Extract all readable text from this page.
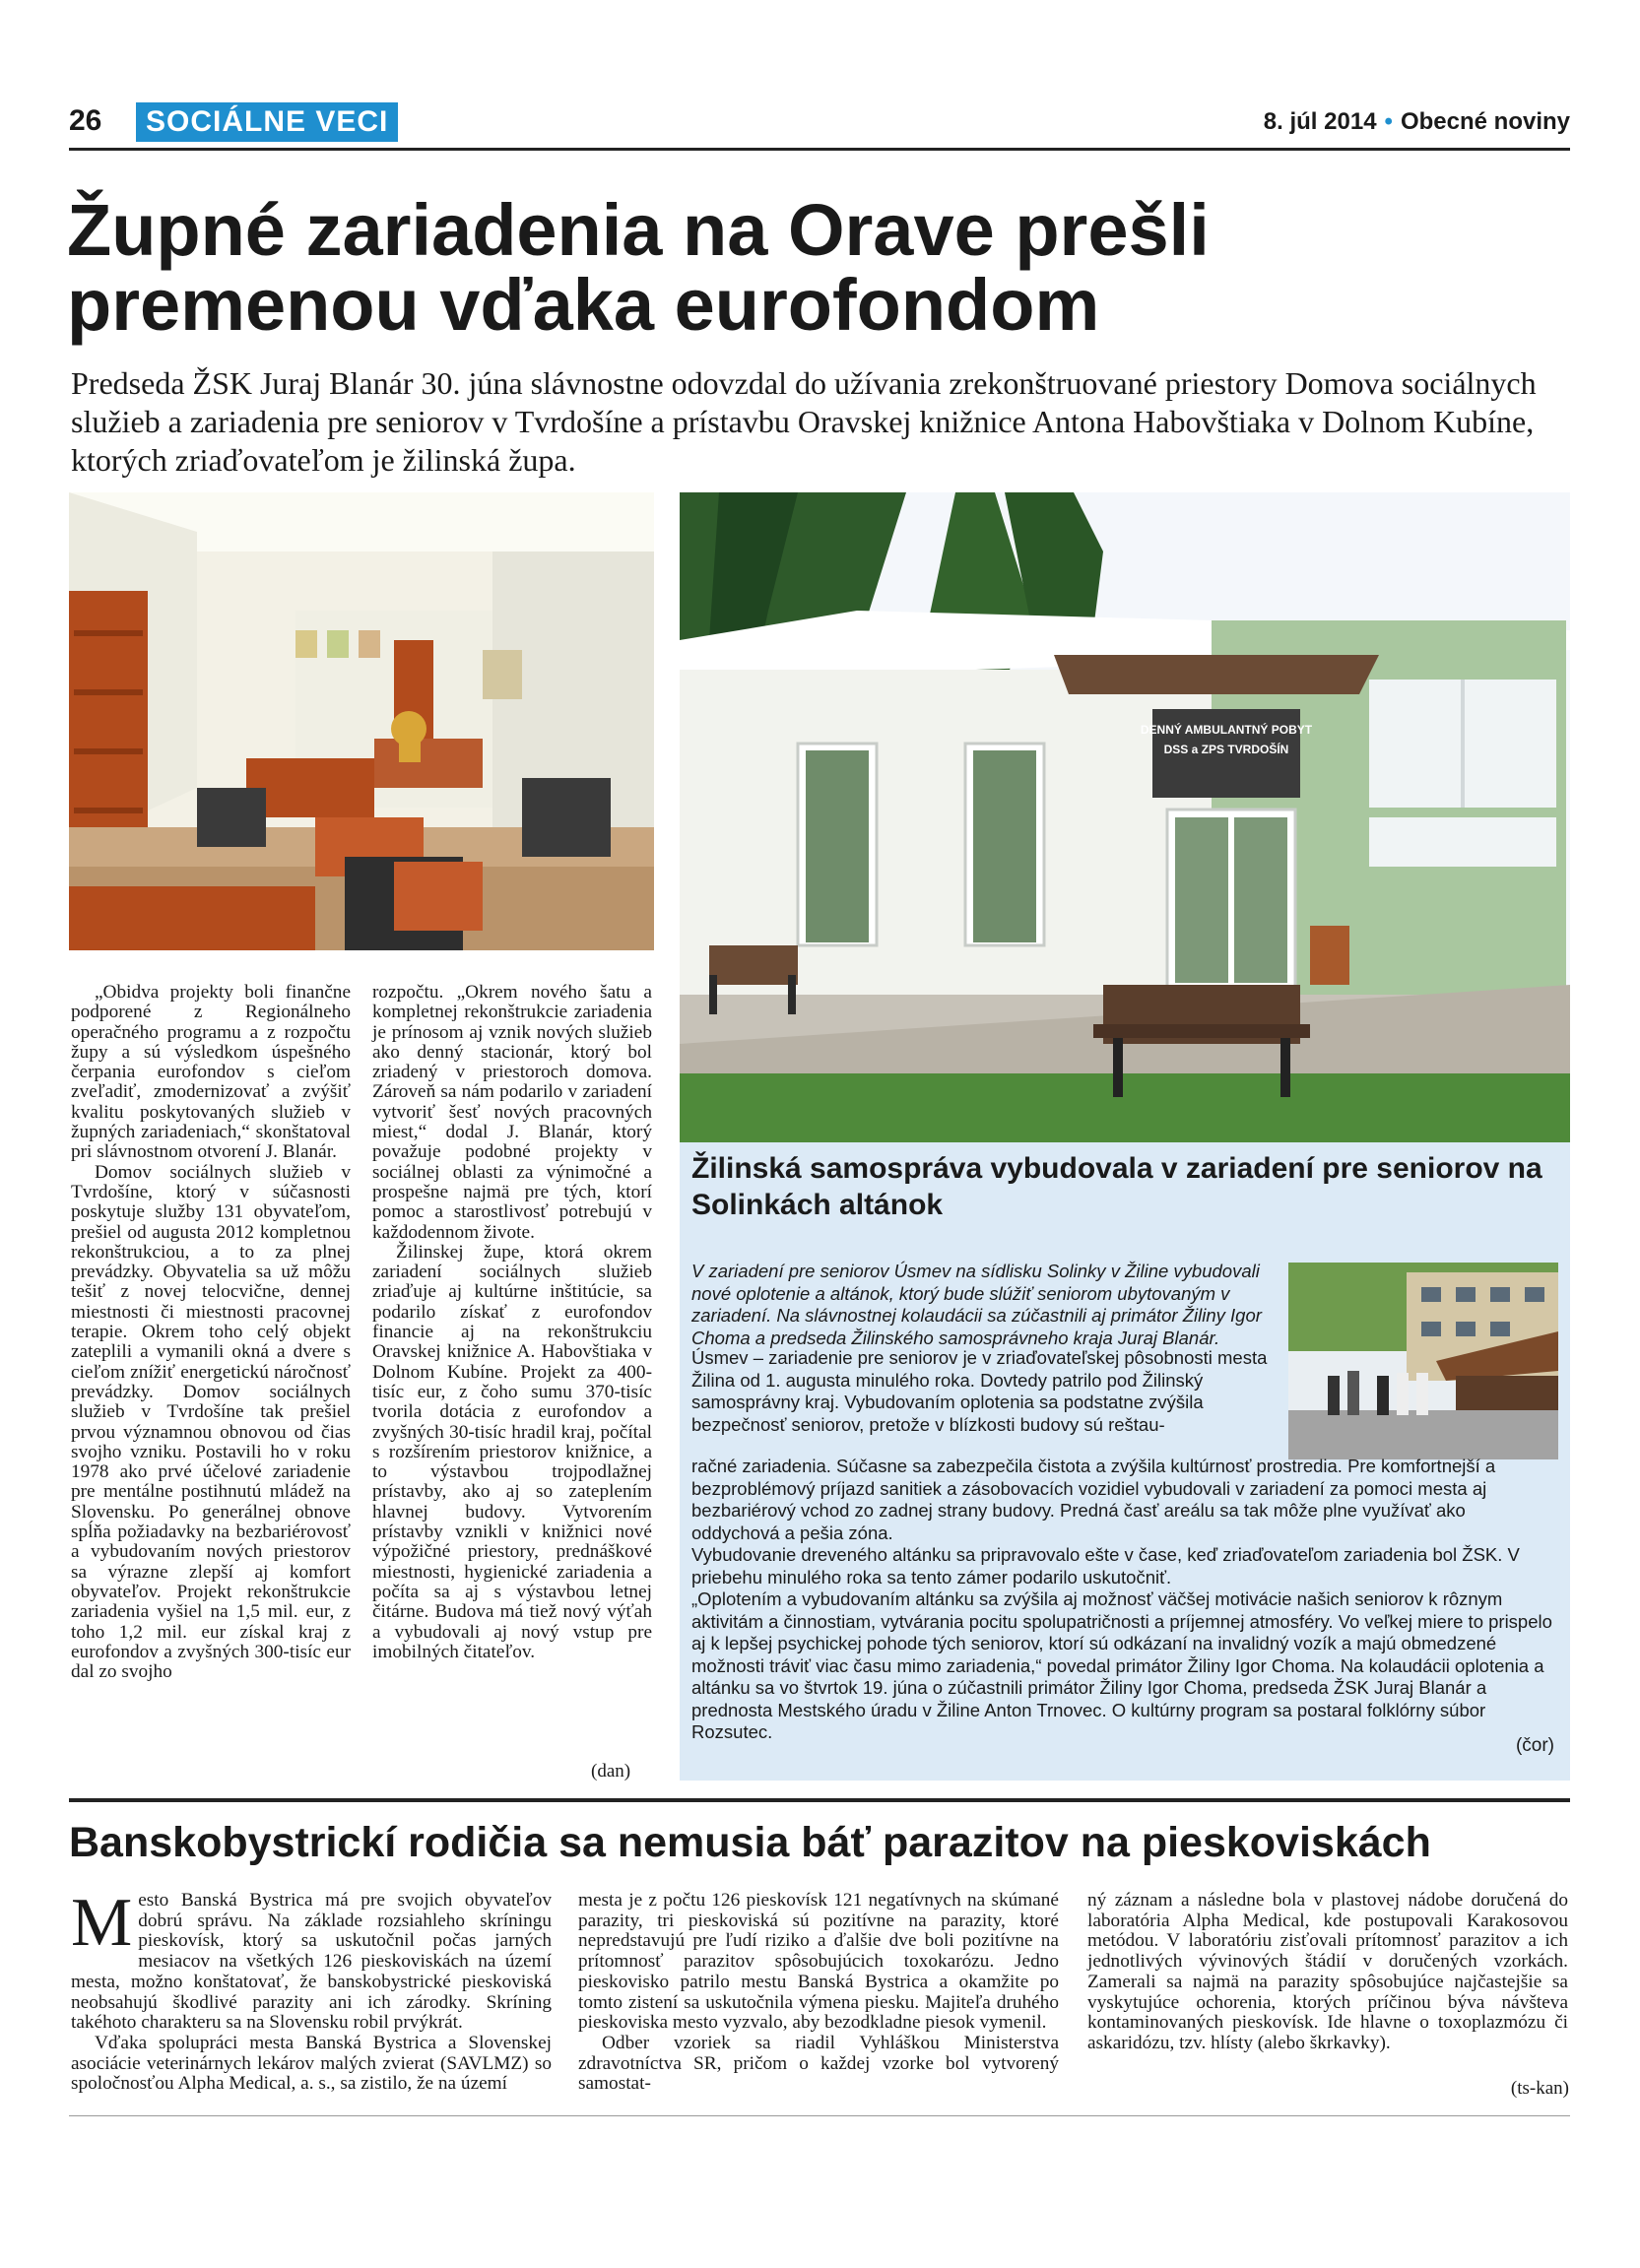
26	SOCIÁLNE VECI	8. júl 2014 • Obecné noviny
Župné zariadenia na Orave prešli
premenou vďaka eurofondom
Predseda ŽSK Juraj Blanár 30. júna slávnostne odovzdal do užívania zrekonštruované priestory Domova sociálnych služieb a zariadenia pre seniorov v Tvrdošíne a prístavbu Oravskej knižnice Antona Habovštiaka v Dolnom Kubíne, ktorých zriaďovateľom je žilinská župa.
DENNÝ AMBULANTNÝ POBYT
DSS a ZPS TVRDOŠÍN

„Obidva projekty boli finančne podporené z Regionálneho operačného programu a z rozpočtu župy a sú výsledkom úspešného čerpania eurofondov s cieľom zveľadiť, zmodernizovať a zvýšiť kvalitu poskytovaných služieb v župných zariadeniach,“ skonštatoval pri slávnostnom otvorení J. Blanár.

Domov sociálnych služieb v Tvrdošíne, ktorý v súčasnosti poskytuje služby 131 obyvateľom, prešiel od augusta 2012 kompletnou rekonštrukciou, a to za plnej prevádzky. Obyvatelia sa už môžu tešiť z novej telocvične, dennej miestnosti či miestnosti pracovnej terapie. Okrem toho celý objekt zateplili a vymanili okná a dvere s cieľom znížiť energetickú náročnosť prevádzky. Domov sociálnych služieb v Tvrdošíne tak prešiel prvou významnou obnovou od čias svojho vzniku. Postavili ho v roku 1978 ako prvé účelové zariadenie pre mentálne postihnutú mládež na Slovensku. Po generálnej obnove spĺňa požiadavky na bezbariérovosť a vybudovaním nových priestorov sa výrazne zlepší aj komfort obyvateľov. Projekt rekonštrukcie zariadenia vyšiel na 1,5 mil. eur, z toho 1,2 mil. eur získal kraj z eurofondov a zvyšných 300-tisíc eur dal zo svojho

rozpočtu. „Okrem nového šatu a kompletnej rekonštrukcie zariadenia je prínosom aj vznik nových služieb ako denný stacionár, ktorý bol zriadený v priestoroch domova. Zároveň sa nám podarilo v zariadení vytvoriť šesť nových pracovných miest,“ dodal J. Blanár, ktorý považuje podobné projekty v sociálnej oblasti za výnimočné a prospešne najmä pre tých, ktorí pomoc a starostlivosť potrebujú v každodennom živote.

Žilinskej župe, ktorá okrem zariadení sociálnych služieb zriaďuje aj kultúrne inštitúcie, sa podarilo získať z eurofondov financie aj na rekonštrukciu Oravskej knižnice A. Habovštiaka v Dolnom Kubíne. Projekt za 400-tisíc eur, z čoho sumu 370-tisíc tvorila dotácia z eurofondov a zvyšných 30-tisíc hradil kraj, počítal s rozšírením priestorov knižnice, a to výstavbou trojpodlažnej prístavby, ako aj so zateplením hlavnej budovy. Vytvorením prístavby vznikli v knižnici nové výpožičné priestory, prednáškové miestnosti, hygienické zariadenia a počíta sa aj s výstavbou letnej čitárne. Budova má tiež nový výťah a vybudovali aj nový vstup pre imobilných čitateľov.

(dan)
Žilinská samospráva vybudovala v zariadení pre seniorov na Solinkách altánok
V zariadení pre seniorov Úsmev na sídlisku Solinky v Žiline vybudovali nové oplotenie a altánok, ktorý bude slúžiť seniorom ubytovaným v zariadení. Na slávnostnej kolaudácii sa zúčastnili aj primátor Žiliny Igor Choma a predseda Žilinského samosprávneho kraja Juraj Blanár.
Úsmev – zariadenie pre seniorov je v zriaďovateľskej pôsobnosti mesta Žilina od 1. augusta minulého roka. Dovtedy patrilo pod Žilinský samosprávny kraj. Vybudovaním oplotenia sa podstatne zvýšila bezpečnosť seniorov, pretože v blízkosti budovy sú reštau-

račné zariadenia. Súčasne sa zabezpečila čistota a zvýšila kultúrnosť prostredia. Pre komfortnejší a bezproblémový príjazd sanitiek a zásobovacích vozidiel vybudovali v zariadení za pomoci mesta aj bezbariérový vchod zo zadnej strany budovy. Predná časť areálu sa tak môže plne využívať ako oddychová a pešia zóna.

Vybudovanie dreveného altánku sa pripravovalo ešte v čase, keď zriaďovateľom zariadenia bol ŽSK. V priebehu minulého roka sa tento zámer podarilo uskutočniť.

„Oplotením a vybudovaním altánku sa zvýšila aj možnosť väčšej motivácie našich seniorov k rôznym aktivitám a činnostiam, vytvárania pocitu spolupatričnosti a príjemnej atmosféry. Vo veľkej miere to prispelo aj k lepšej psychickej pohode tých seniorov, ktorí sú odkázaní na invalidný vozík a majú obmedzené možnosti tráviť viac času mimo zariadenia,“ povedal primátor Žiliny Igor Choma. Na kolaudácii oplotenia a altánku sa vo štvrtok 19. júna o zúčastnili primátor Žiliny Igor Choma, predseda ŽSK Juraj Blanár a prednosta Mestského úradu v Žiline Anton Trnovec. O kultúrny program sa postaral folklórny súbor Rozsutec.

(čor)
Banskobystrickí rodičia sa nemusia báť parazitov na pieskoviskách

Mesto Banská Bystrica má pre svojich obyvateľov dobrú správu. Na základe rozsiahleho skríningu pieskovísk, ktorý sa uskutočnil počas jarných mesiacov na všetkých 126 pieskoviskách na území mesta, možno konštatovať, že banskobystrické pieskoviská neobsahujú škodlivé parazity ani ich zárodky. Skríning takéhoto charakteru sa na Slovensku robil prvýkrát.

Vďaka spolupráci mesta Banská Bystrica a Slovenskej asociácie veterinárnych lekárov malých zvierat (SAVLMZ) so spoločnosťou Alpha Medical, a. s., sa zistilo, že na území

mesta je z počtu 126 pieskovísk 121 negatívnych na skúmané parazity, tri pieskoviská sú pozitívne na parazity, ktoré nepredstavujú pre ľudí riziko a ďalšie dve boli pozitívne na prítomnosť parazitov spôsobujúcich toxokarózu. Jedno pieskovisko patrilo mestu Banská Bystrica a okamžite po tomto zistení sa uskutočnila výmena piesku. Majiteľa druhého pieskoviska mesto vyzvalo, aby bezodkladne piesok vymenil.

Odber vzoriek sa riadil Vyhláškou Ministerstva zdravotníctva SR, pričom o každej vzorke bol vytvorený samostat-

ný záznam a následne bola v plastovej nádobe doručená do laboratória Alpha Medical, kde postupovali Karakosovou metódou. V laboratóriu zisťovali prítomnosť parazitov a ich jednotlivých vývinových štádií v doručených vzorkách. Zamerali sa najmä na parazity spôsobujúce najčastejšie sa vyskytujúce ochorenia, ktorých príčinou býva návšteva kontaminovaných pieskovísk. Ide hlavne o toxoplazmózu či askaridózu, tzv. hlísty (alebo škrkavky).

(ts-kan)
